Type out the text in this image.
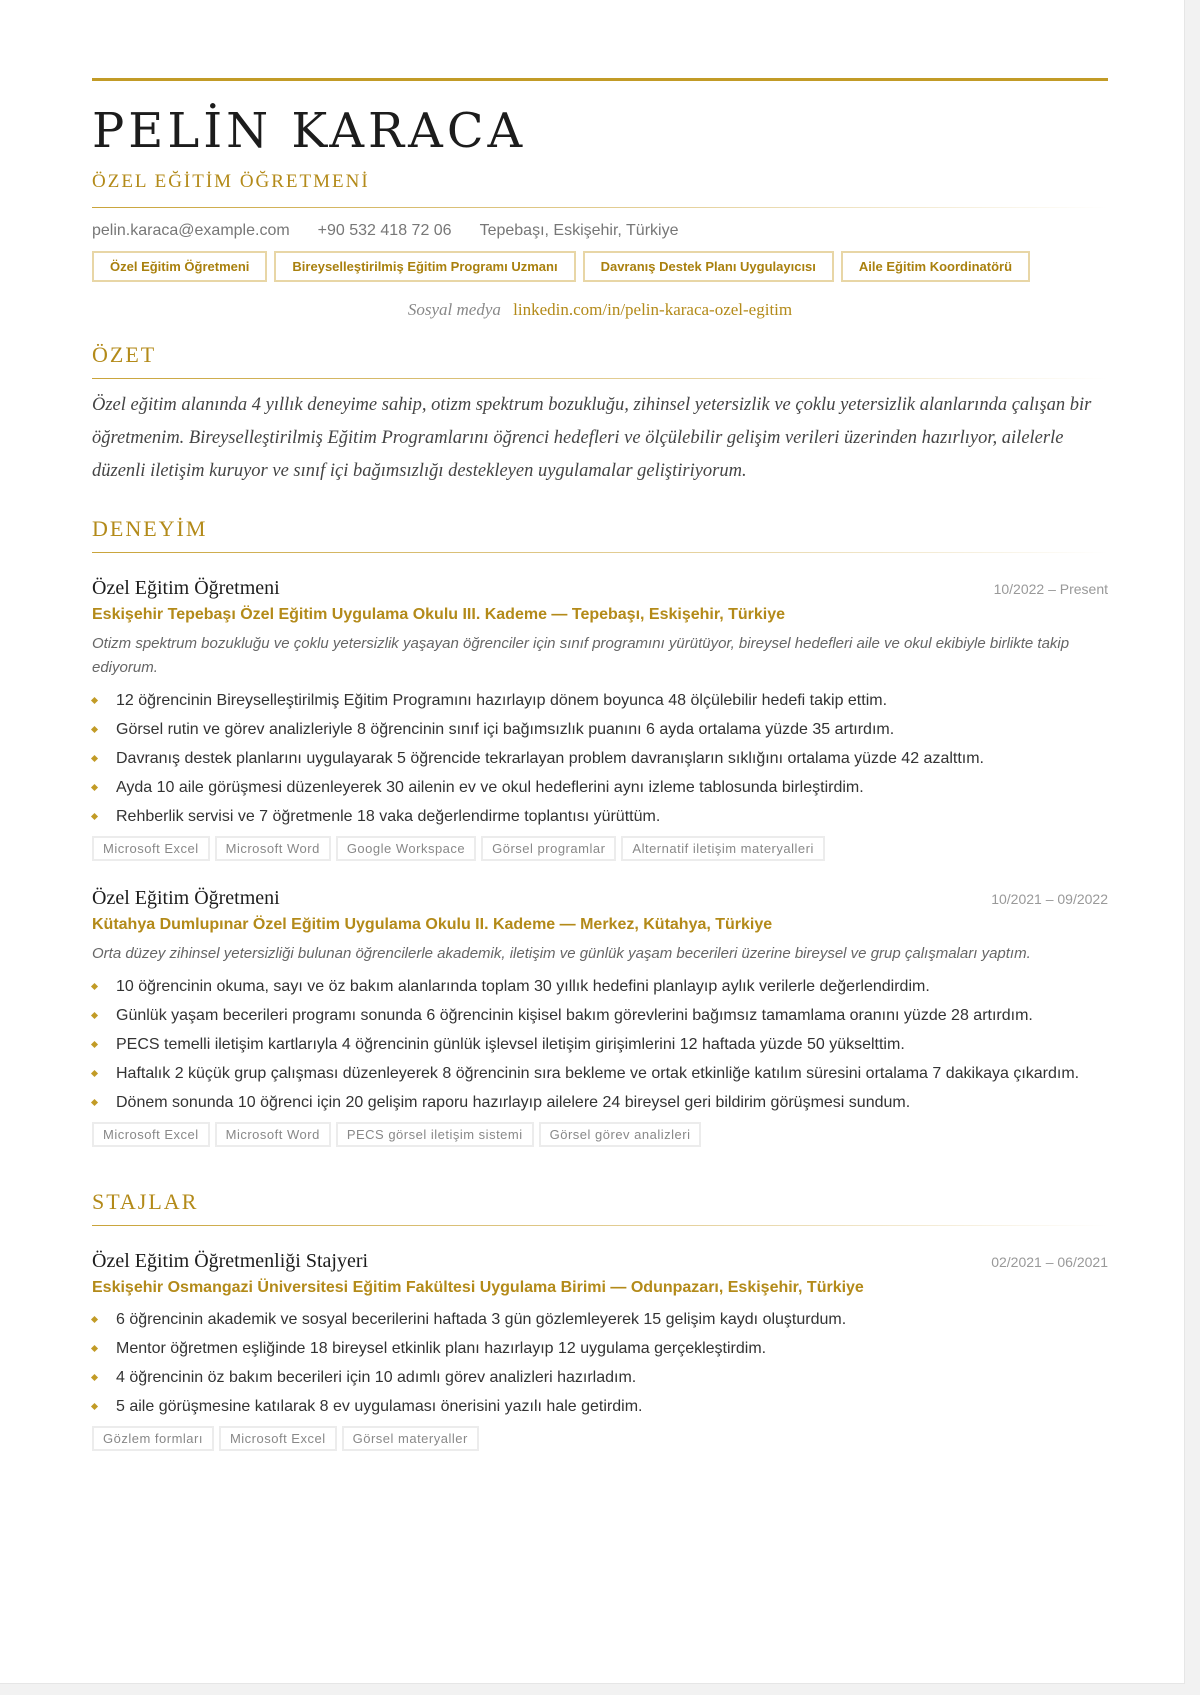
PELİN KARACA
ÖZEL EĞİTİM ÖĞRETMENİ
pelin.karaca@example.com +90 532 418 72 06 Tepebaşı, Eskişehir, Türkiye
Özel Eğitim Öğretmeni	Bireyselleştirilmiş Eğitim Programı Uzmanı	Davranış Destek Planı Uygulayıcısı	Aile Eğitim Koordinatörü
Sosyal medya linkedin.com/in/pelin-karaca-ozel-egitim
ÖZET
Özel eğitim alanında 4 yıllık deneyime sahip, otizm spektrum bozukluğu, zihinsel yetersizlik ve çoklu yetersizlik alanlarında çalışan bir öğretmenim. Bireyselleştirilmiş Eğitim Programlarını öğrenci hedefleri ve ölçülebilir gelişim verileri üzerinden hazırlıyor, ailelerle düzenli iletişim kuruyor ve sınıf içi bağımsızlığı destekleyen uygulamalar geliştiriyorum.
DENEYİM
Özel Eğitim Öğretmeni	10/2022 – Present
Eskişehir Tepebaşı Özel Eğitim Uygulama Okulu III. Kademe — Tepebaşı, Eskişehir, Türkiye
Otizm spektrum bozukluğu ve çoklu yetersizlik yaşayan öğrenciler için sınıf programını yürütüyor, bireysel hedefleri aile ve okul ekibiyle birlikte takip ediyorum.
12 öğrencinin Bireyselleştirilmiş Eğitim Programını hazırlayıp dönem boyunca 48 ölçülebilir hedefi takip ettim.
Görsel rutin ve görev analizleriyle 8 öğrencinin sınıf içi bağımsızlık puanını 6 ayda ortalama yüzde 35 artırdım.
Davranış destek planlarını uygulayarak 5 öğrencide tekrarlayan problem davranışların sıklığını ortalama yüzde 42 azalttım.
Ayda 10 aile görüşmesi düzenleyerek 30 ailenin ev ve okul hedeflerini aynı izleme tablosunda birleştirdim.
Rehberlik servisi ve 7 öğretmenle 18 vaka değerlendirme toplantısı yürüttüm.
Microsoft Excel	Microsoft Word	Google Workspace	Görsel programlar	Alternatif iletişim materyalleri
Özel Eğitim Öğretmeni	10/2021 – 09/2022
Kütahya Dumlupınar Özel Eğitim Uygulama Okulu II. Kademe — Merkez, Kütahya, Türkiye
Orta düzey zihinsel yetersizliği bulunan öğrencilerle akademik, iletişim ve günlük yaşam becerileri üzerine bireysel ve grup çalışmaları yaptım.
10 öğrencinin okuma, sayı ve öz bakım alanlarında toplam 30 yıllık hedefini planlayıp aylık verilerle değerlendirdim.
Günlük yaşam becerileri programı sonunda 6 öğrencinin kişisel bakım görevlerini bağımsız tamamlama oranını yüzde 28 artırdım.
PECS temelli iletişim kartlarıyla 4 öğrencinin günlük işlevsel iletişim girişimlerini 12 haftada yüzde 50 yükselttim.
Haftalık 2 küçük grup çalışması düzenleyerek 8 öğrencinin sıra bekleme ve ortak etkinliğe katılım süresini ortalama 7 dakikaya çıkardım.
Dönem sonunda 10 öğrenci için 20 gelişim raporu hazırlayıp ailelere 24 bireysel geri bildirim görüşmesi sundum.
Microsoft Excel	Microsoft Word	PECS görsel iletişim sistemi	Görsel görev analizleri
STAJLAR
Özel Eğitim Öğretmenliği Stajyeri	02/2021 – 06/2021
Eskişehir Osmangazi Üniversitesi Eğitim Fakültesi Uygulama Birimi — Odunpazarı, Eskişehir, Türkiye
6 öğrencinin akademik ve sosyal becerilerini haftada 3 gün gözlemleyerek 15 gelişim kaydı oluşturdum.
Mentor öğretmen eşliğinde 18 bireysel etkinlik planı hazırlayıp 12 uygulama gerçekleştirdim.
4 öğrencinin öz bakım becerileri için 10 adımlı görev analizleri hazırladım.
5 aile görüşmesine katılarak 8 ev uygulaması önerisini yazılı hale getirdim.
Gözlem formları	Microsoft Excel	Görsel materyaller
